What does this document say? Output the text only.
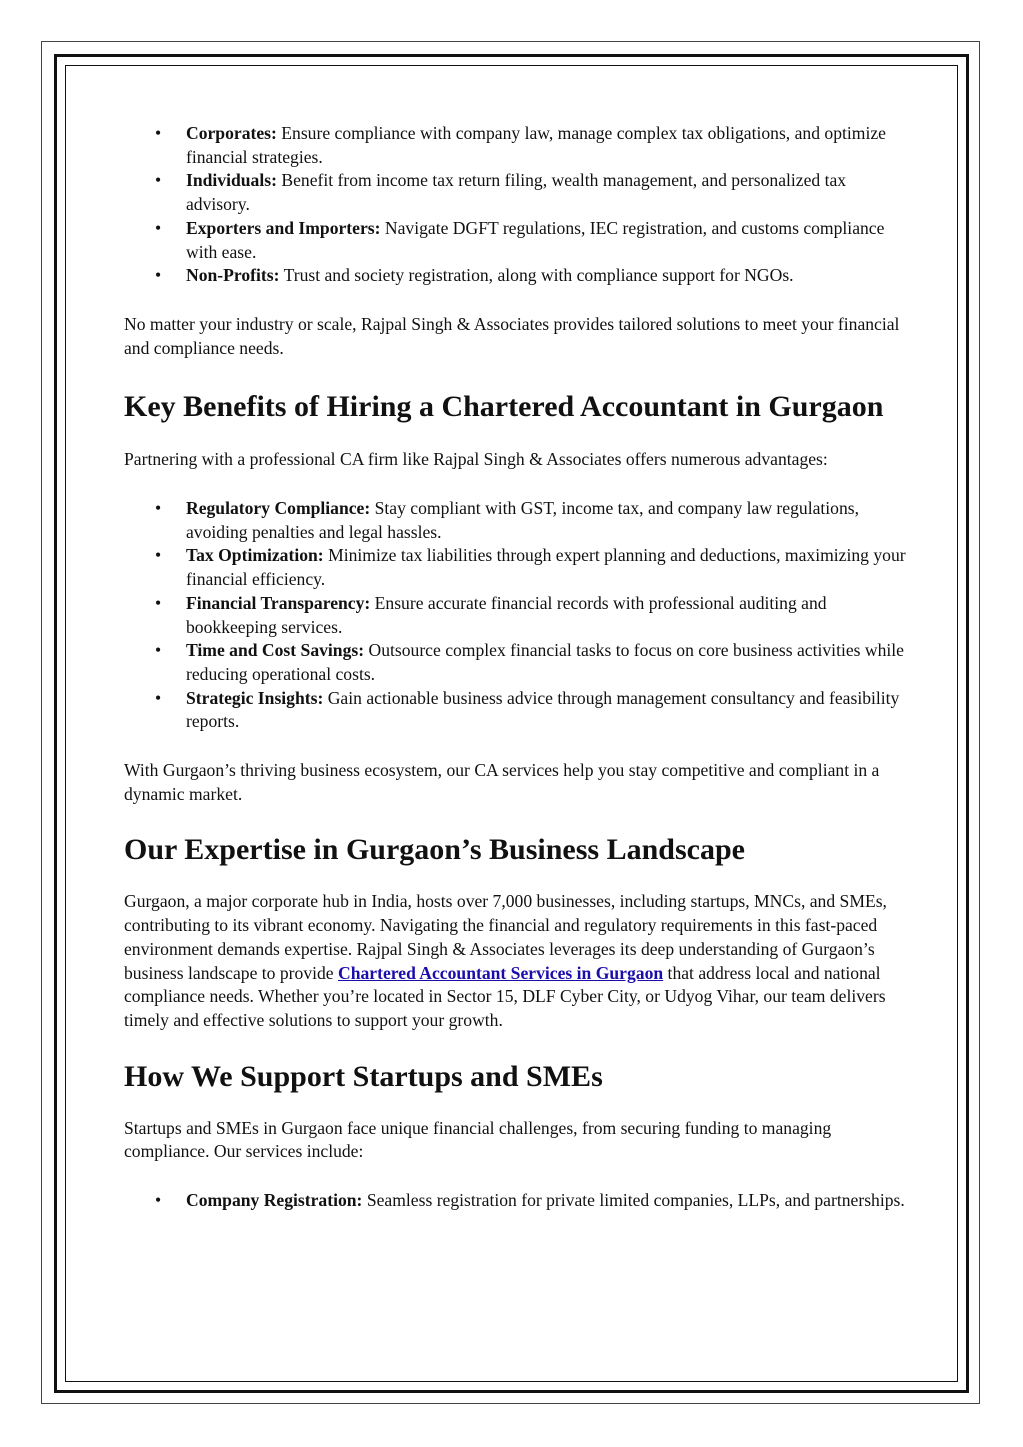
• Corporates: Ensure compliance with company law, manage complex tax obligations, and optimize financial strategies.
• Individuals: Benefit from income tax return filing, wealth management, and personalized tax advisory.
• Exporters and Importers: Navigate DGFT regulations, IEC registration, and customs compliance with ease.
• Non-Profits: Trust and society registration, along with compliance support for NGOs.

No matter your industry or scale, Rajpal Singh & Associates provides tailored solutions to meet your financial and compliance needs.

Key Benefits of Hiring a Chartered Accountant in Gurgaon

Partnering with a professional CA firm like Rajpal Singh & Associates offers numerous advantages:

• Regulatory Compliance: Stay compliant with GST, income tax, and company law regulations, avoiding penalties and legal hassles.
• Tax Optimization: Minimize tax liabilities through expert planning and deductions, maximizing your financial efficiency.
• Financial Transparency: Ensure accurate financial records with professional auditing and bookkeeping services.
• Time and Cost Savings: Outsource complex financial tasks to focus on core business activities while reducing operational costs.
• Strategic Insights: Gain actionable business advice through management consultancy and feasibility reports.

With Gurgaon’s thriving business ecosystem, our CA services help you stay competitive and compliant in a dynamic market.

Our Expertise in Gurgaon’s Business Landscape

Gurgaon, a major corporate hub in India, hosts over 7,000 businesses, including startups, MNCs, and SMEs, contributing to its vibrant economy. Navigating the financial and regulatory requirements in this fast-paced environment demands expertise. Rajpal Singh & Associates leverages its deep understanding of Gurgaon’s business landscape to provide Chartered Accountant Services in Gurgaon that address local and national compliance needs. Whether you’re located in Sector 15, DLF Cyber City, or Udyog Vihar, our team delivers timely and effective solutions to support your growth.

How We Support Startups and SMEs

Startups and SMEs in Gurgaon face unique financial challenges, from securing funding to managing compliance. Our services include:

• Company Registration: Seamless registration for private limited companies, LLPs, and partnerships.
